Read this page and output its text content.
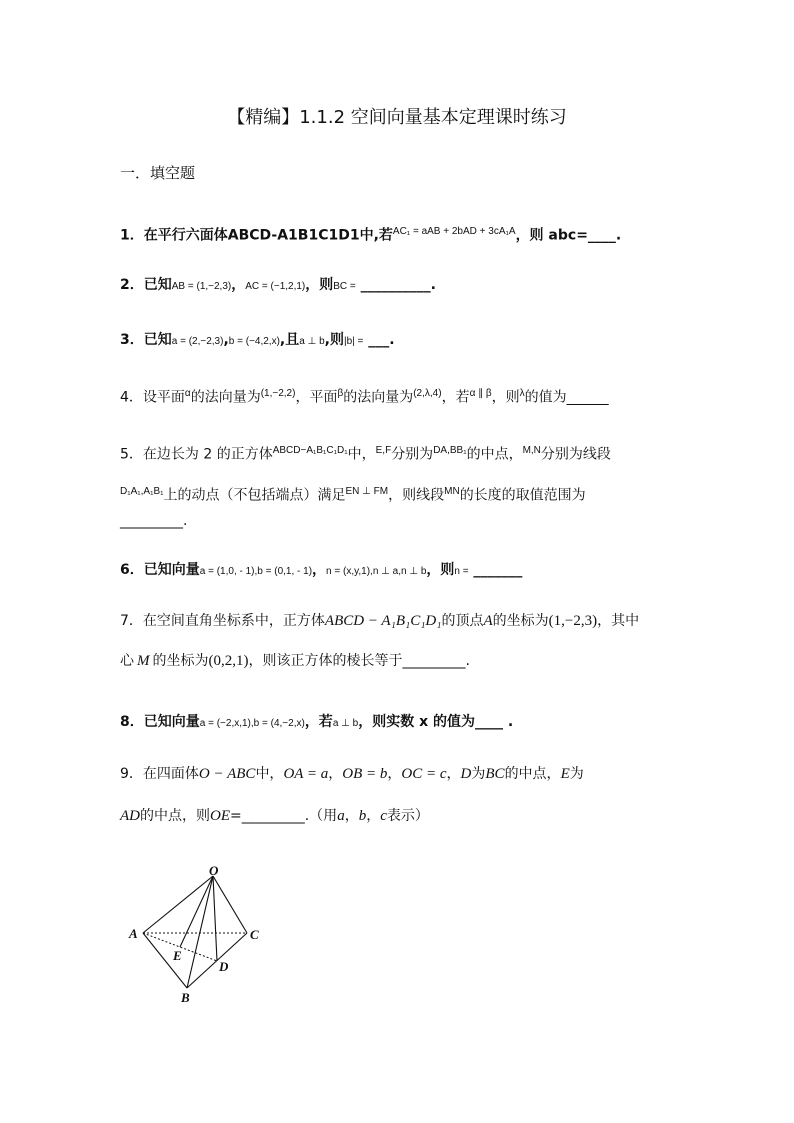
【精编】1.1.2 空间向量基本定理课时练习
一．填空题
1．在平行六面体ABCD-A1B1C1D1中,若$^{AC_1 = aAB + 2bAD + 3cA_1A}$，则 abc=____.
2．已知AB = (1,−2,3)，AC = (−1,2,1)，则BC = __________.
3．已知a = (2,−2,3),b = (−4,2,x),且a ⊥ b,则|b| = ___.
4．设平面$^\alpha$的法向量为$^{(1,-2,2)}$，平面$^\beta$的法向量为$^{(2,\lambda,4)}$，若$^{\alpha \parallel \beta}$，则$^\lambda$的值为______
5．在边长为 2 的正方体$^{ABCD-A_1B_1C_1D_1}$中，$^{E,F}$分别为$^{DA,BB_1}$的中点，$^{M,N}$分别为线段
$^{D_1A_1,A_1B_1}$上的动点（不包括端点）满足$^{EN \perp FM}$，则线段$^{MN}$的长度的取值范围为
_________.
6．已知向量a = (1,0, - 1),b = (0,1, - 1)，n = (x,y,1),n ⊥ a,n ⊥ b，则n = _______
7．在空间直角坐标系中，正方体ABCD − A₁B₁C₁D₁的顶点A的坐标为(1,−2,3)，其中
心 M 的坐标为(0,2,1)，则该正方体的棱长等于_________.
8．已知向量a = (−2,x,1),b = (4,−2,x)，若a ⊥ b，则实数 x 的值为____ .
9．在四面体O − ABC中，OA = a，OB = b，OC = c，D为BC的中点，E为
AD的中点，则OE=_________.（用a，b，c表示）
O
A
B
C
D
E
